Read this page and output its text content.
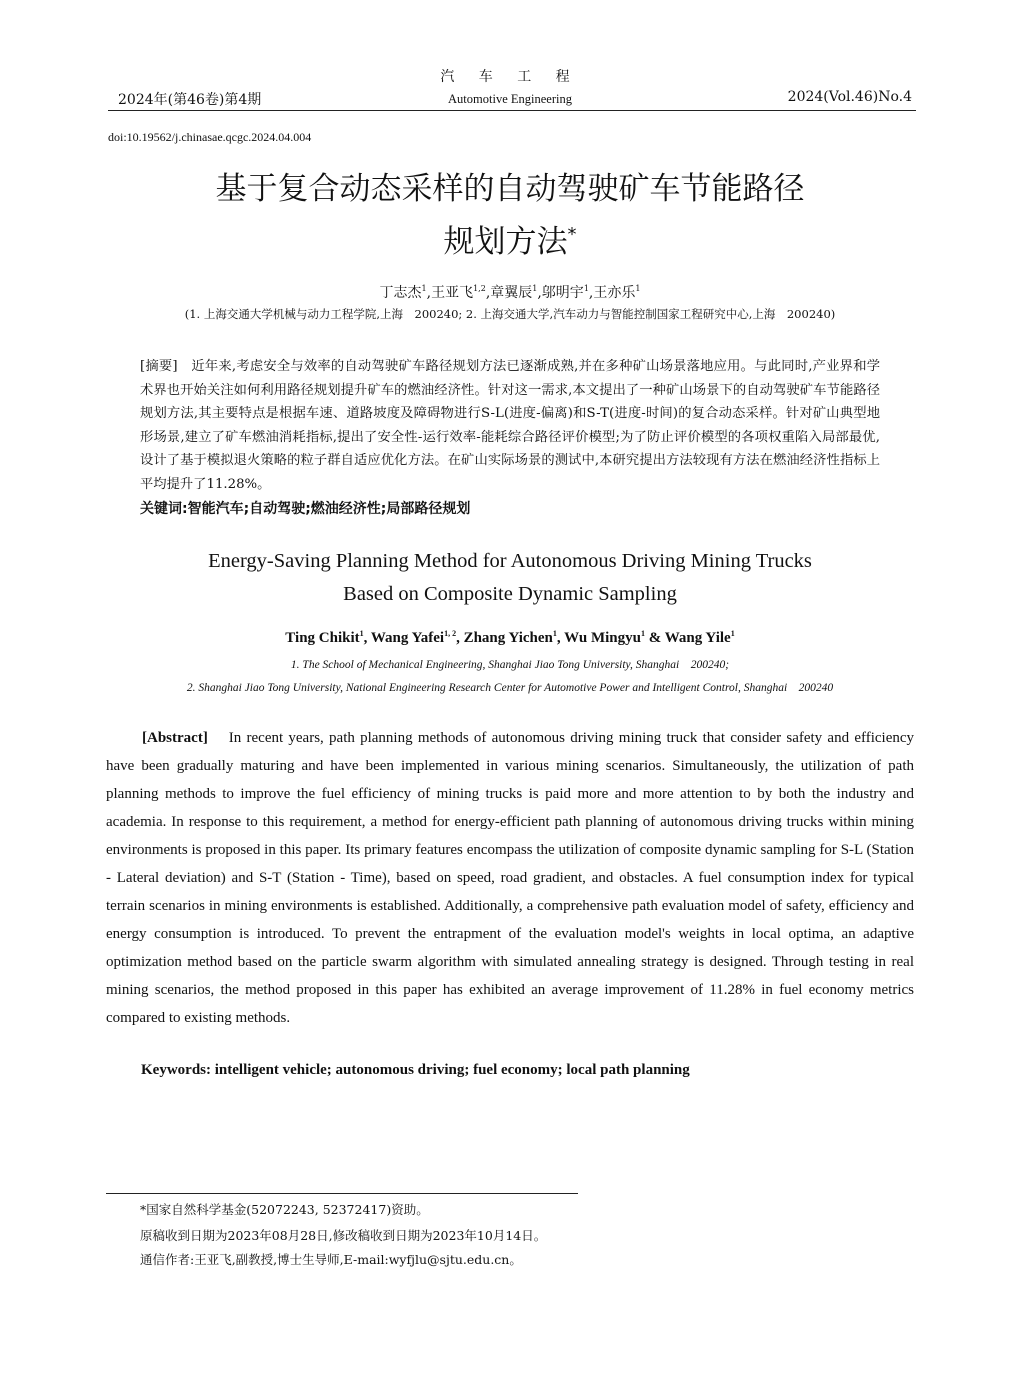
2024年(第46卷)第4期
汽 车 工 程
Automotive Engineering	2024(Vol.46)No.4
doi:10.19562/j.chinasae.qcgc.2024.04.004
基于复合动态采样的自动驾驶矿车节能路径
规划方法*
丁志杰$^1$,王亚飞$^{1,2}$,章翼辰$^1$,邬明宇$^1$,王亦乐$^1$
(1. 上海交通大学机械与动力工程学院,上海　200240; 2. 上海交通大学,汽车动力与智能控制国家工程研究中心,上海　200240)
[摘要]　 近年来,考虑安全与效率的自动驾驶矿车路径规划方法已逐渐成熟,并在多种矿山场景落地应用。与此同时,产业界和学术界也开始关注如何利用路径规划提升矿车的燃油经济性。针对这一需求,本文提出了一种矿山场景下的自动驾驶矿车节能路径规划方法,其主要特点是根据车速、道路坡度及障碍物进行S-L(进度-偏离)和S-T(进度-时间)的复合动态采样。针对矿山典型地形场景,建立了矿车燃油消耗指标,提出了安全性-运行效率-能耗综合路径评价模型;为了防止评价模型的各项权重陷入局部最优,设计了基于模拟退火策略的粒子群自适应优化方法。在矿山实际场景的测试中,本研究提出方法较现有方法在燃油经济性指标上平均提升了11.28%。
关键词:智能汽车;自动驾驶;燃油经济性;局部路径规划
Energy-Saving Planning Method for Autonomous Driving Mining Trucks
Based on Composite Dynamic Sampling
Ting Chikit$^1$, Wang Yafei$^{1, 2}$, Zhang Yichen$^1$, Wu Mingyu$^1$ & Wang Yile$^1$
1. The School of Mechanical Engineering, Shanghai Jiao Tong University, Shanghai　200240;
2. Shanghai Jiao Tong University, National Engineering Research Center for Automotive Power and Intelligent Control, Shanghai　200240
[Abstract] In recent years, path planning methods of autonomous driving mining truck that consider safety and efficiency have been gradually maturing and have been implemented in various mining scenarios. Simultaneously, the utilization of path planning methods to improve the fuel efficiency of mining trucks is paid more and more attention to by both the industry and academia. In response to this requirement, a method for energy-efficient path planning of autonomous driving trucks within mining environments is proposed in this paper. Its primary features encompass the utilization of composite dynamic sampling for S-L (Station - Lateral deviation) and S-T (Station - Time), based on speed, road gradient, and obstacles. A fuel consumption index for typical terrain scenarios in mining environments is established. Additionally, a comprehensive path evaluation model of safety, efficiency and energy consumption is introduced. To prevent the entrapment of the evaluation model's weights in local optima, an adaptive optimization method based on the particle swarm algorithm with simulated annealing strategy is designed. Through testing in real mining scenarios, the method proposed in this paper has exhibited an average improvement of 11.28% in fuel economy metrics compared to existing methods.
Keywords: intelligent vehicle; autonomous driving; fuel economy; local path planning
*国家自然科学基金(52072243, 52372417)资助。
原稿收到日期为2023年08月28日,修改稿收到日期为2023年10月14日。
通信作者:王亚飞,副教授,博士生导师,E-mail:wyfjlu@sjtu.edu.cn。
